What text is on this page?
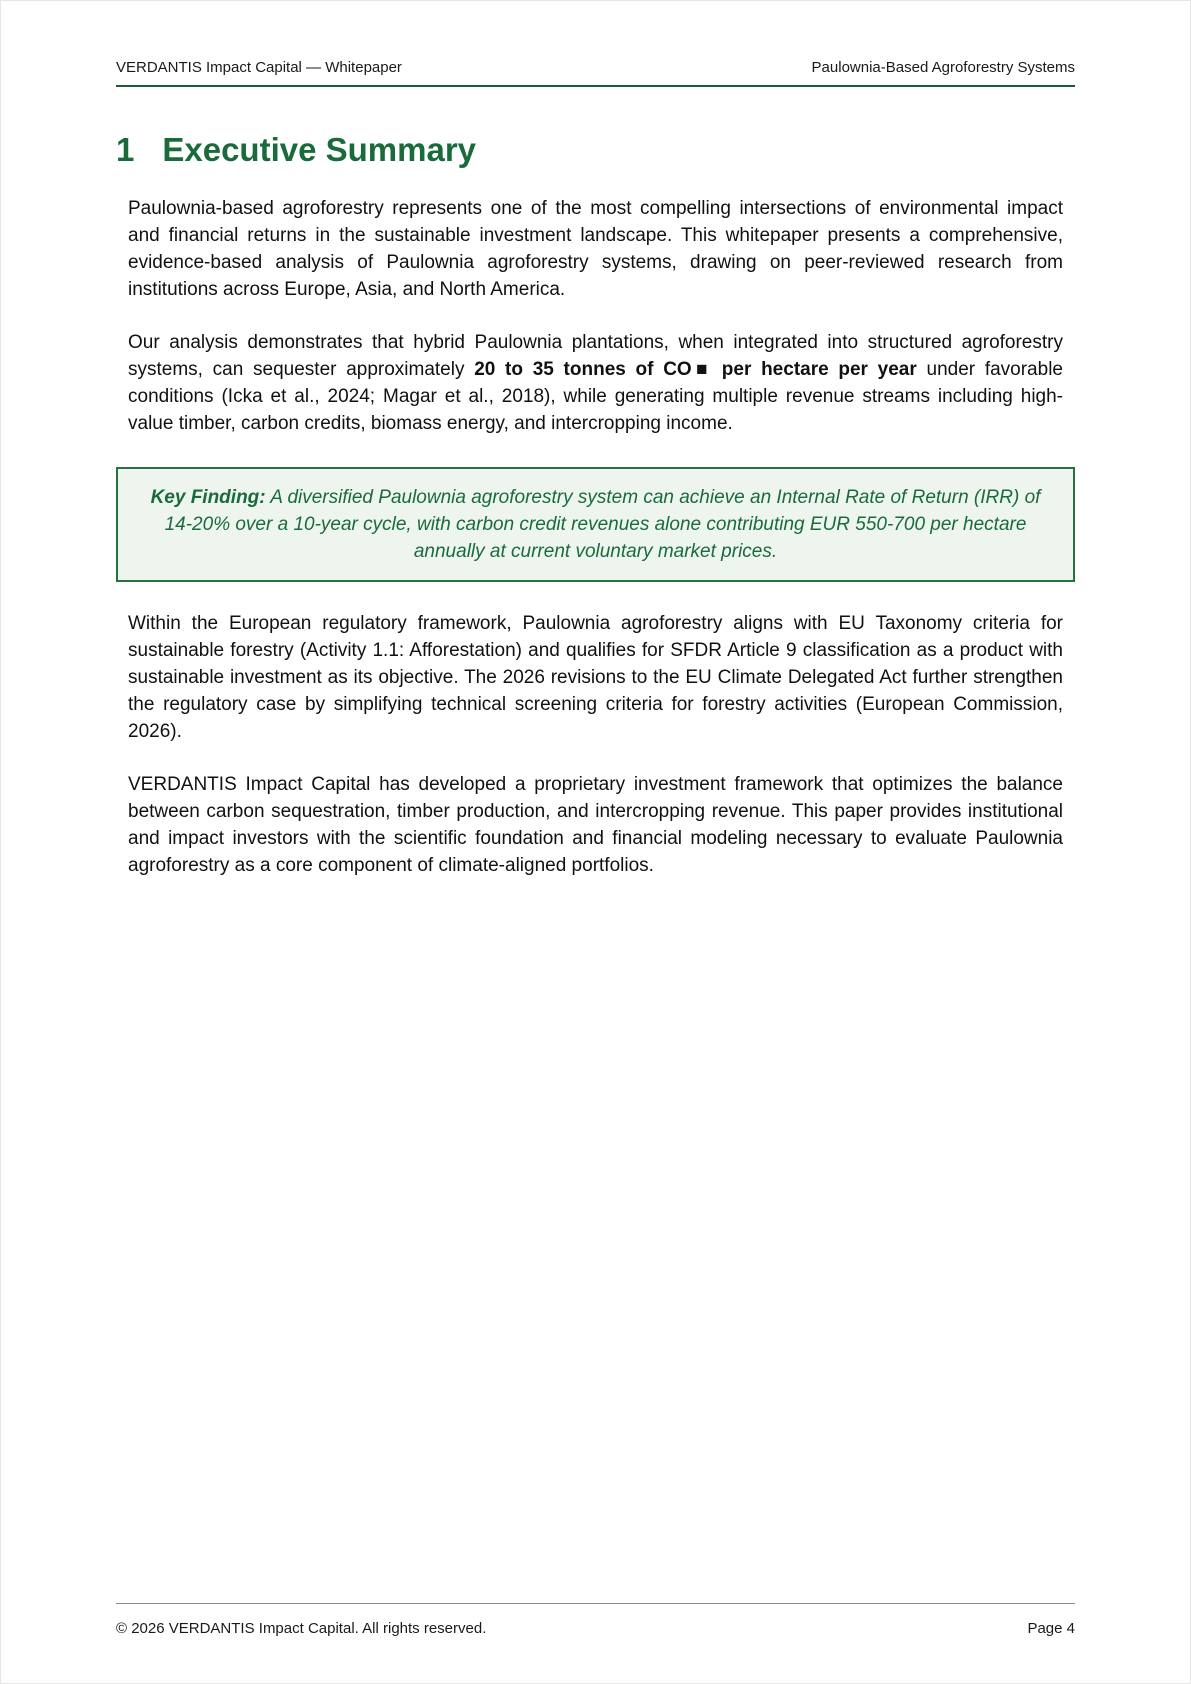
VERDANTIS Impact Capital — Whitepaper	Paulownia-Based Agroforestry Systems
1 Executive Summary

Paulownia-based agroforestry represents one of the most compelling intersections of environmental impact and financial returns in the sustainable investment landscape. This whitepaper presents a comprehensive, evidence-based analysis of Paulownia agroforestry systems, drawing on peer-reviewed research from institutions across Europe, Asia, and North America.

Our analysis demonstrates that hybrid Paulownia plantations, when integrated into structured agroforestry systems, can sequester approximately 20 to 35 tonnes of CO■ per hectare per year under favorable conditions (Icka et al., 2024; Magar et al., 2018), while generating multiple revenue streams including high-value timber, carbon credits, biomass energy, and intercropping income.

Key Finding: A diversified Paulownia agroforestry system can achieve an Internal Rate of Return (IRR) of 14-20% over a 10-year cycle, with carbon credit revenues alone contributing EUR 550-700 per hectare annually at current voluntary market prices.

Within the European regulatory framework, Paulownia agroforestry aligns with EU Taxonomy criteria for sustainable forestry (Activity 1.1: Afforestation) and qualifies for SFDR Article 9 classification as a product with sustainable investment as its objective. The 2026 revisions to the EU Climate Delegated Act further strengthen the regulatory case by simplifying technical screening criteria for forestry activities (European Commission, 2026).

VERDANTIS Impact Capital has developed a proprietary investment framework that optimizes the balance between carbon sequestration, timber production, and intercropping revenue. This paper provides institutional and impact investors with the scientific foundation and financial modeling necessary to evaluate Paulownia agroforestry as a core component of climate-aligned portfolios.

© 2026 VERDANTIS Impact Capital. All rights reserved.	Page 4
